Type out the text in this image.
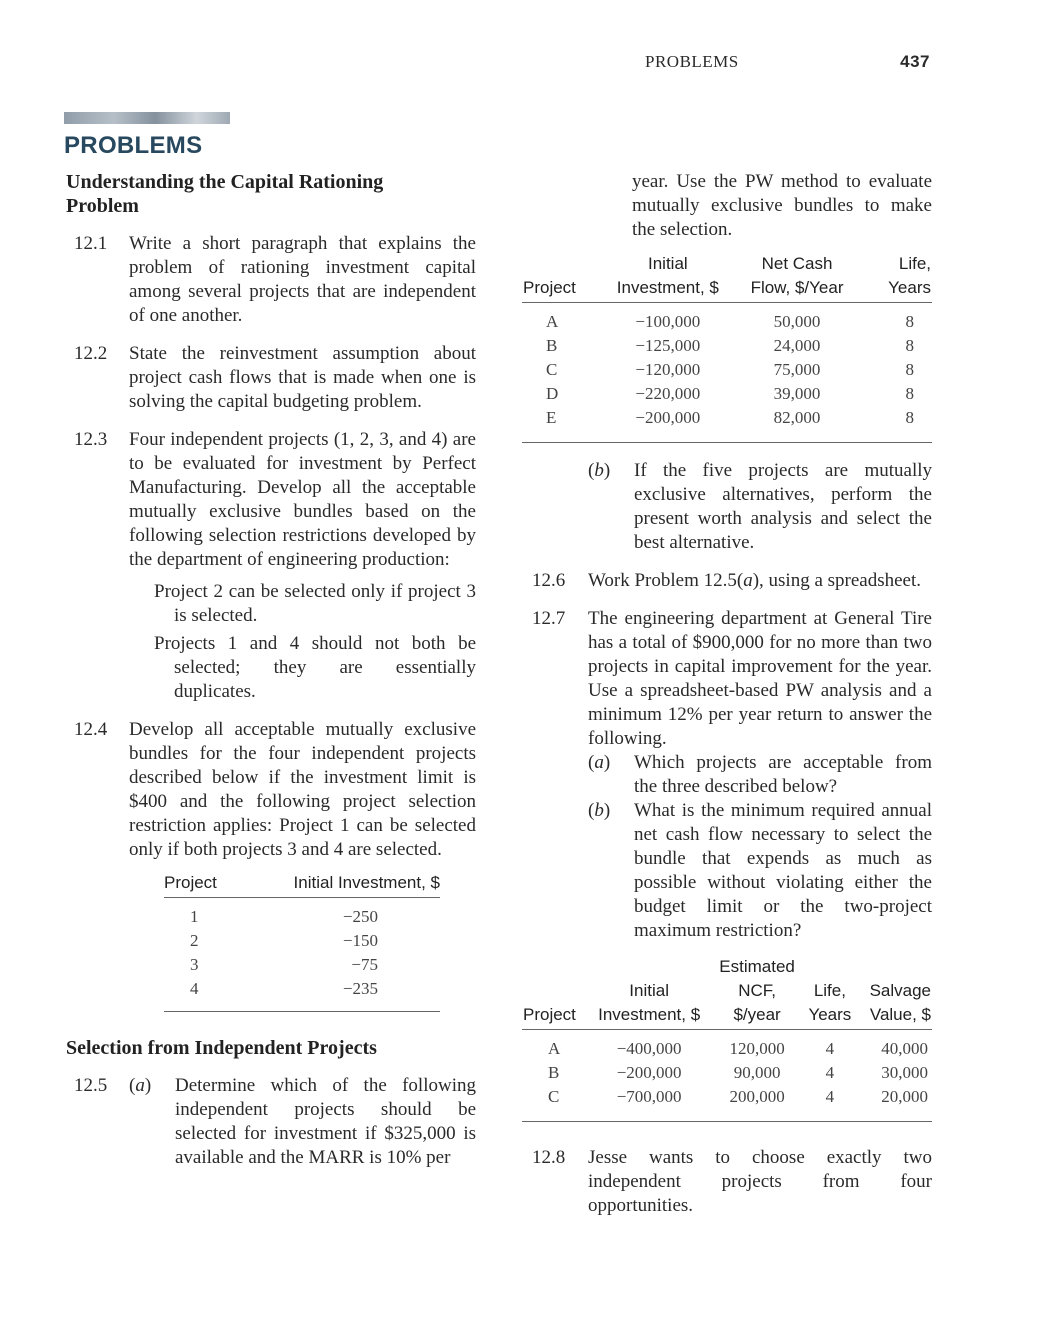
PROBLEMS	437
PROBLEMS

Understanding the Capital Rationing
Problem

12.1 Write a short paragraph that explains the problem of rationing investment capital among several projects that are independent of one another.
12.2 State the reinvestment assumption about project cash flows that is made when one is solving the capital budgeting problem.
12.3 Four independent projects (1, 2, 3, and 4) are to be evaluated for investment by Perfect Manufacturing. Develop all the acceptable mutually exclusive bundles based on the following selection restrictions developed by the department of engineering production:
Project 2 can be selected only if project 3 is selected.
Projects 1 and 4 should not both be selected; they are essentially duplicates.
12.4 Develop all acceptable mutually exclusive bundles for the four independent projects described below if the investment limit is $400 and the following project selection restriction applies: Project 1 can be selected only if both projects 3 and 4 are selected.
Project	Initial Investment, $
1	−250
2	−150
3	−75
4	−235

Selection from Independent Projects

12.5 (a) Determine which of the following independent projects should be selected for investment if $325,000 is available and the MARR is 10% per
year. Use the PW method to evaluate mutually exclusive bundles to make the selection.
	Initial	Net Cash	Life,
Project	Investment, $	Flow, $/Year	Years
A	−100,000	50,000	8
B	−125,000	24,000	8
C	−120,000	75,000	8
D	−220,000	39,000	8
E	−200,000	82,000	8
(b) If the five projects are mutually exclusive alternatives, perform the present worth analysis and select the best alternative.
12.6 Work Problem 12.5(a), using a spreadsheet.
12.7 The engineering department at General Tire has a total of $900,000 for no more than two projects in capital improvement for the year. Use a spreadsheet-based PW analysis and a minimum 12% per year return to answer the following.
(a) Which projects are acceptable from the three described below?
(b) What is the minimum required annual net cash flow necessary to select the bundle that expends as much as possible without violating either the budget limit or the two-project maximum restriction?
		Estimated		
	Initial	NCF,	Life,	Salvage
Project	Investment, $	$/year	Years	Value, $
A	−400,000	120,000	4	40,000
B	−200,000	90,000	4	30,000
C	−700,000	200,000	4	20,000
12.8 Jesse wants to choose exactly two independent projects from four opportunities.
